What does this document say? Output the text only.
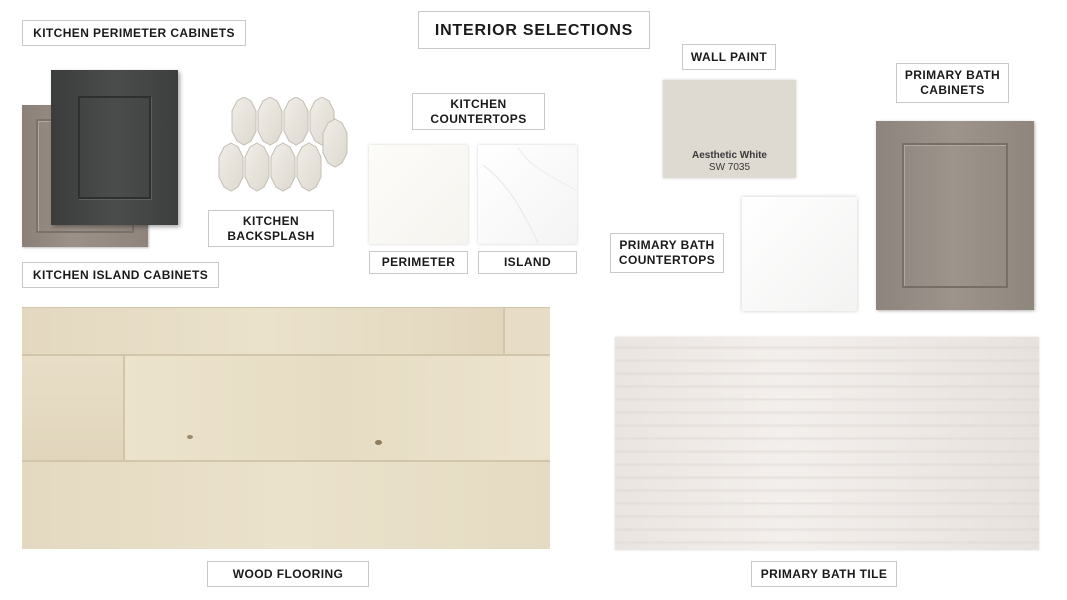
INTERIOR SELECTIONS
KITCHEN PERIMETER CABINETS
KITCHEN ISLAND CABINETS
KITCHEN
BACKSPLASH
KITCHEN
COUNTERTOPS
PERIMETER	ISLAND
WALL PAINT
PRIMARY BATH
COUNTERTOPS
PRIMARY BATH
CABINETS
WOOD FLOORING	PRIMARY BATH TILE
Aesthetic White
SW 7035
